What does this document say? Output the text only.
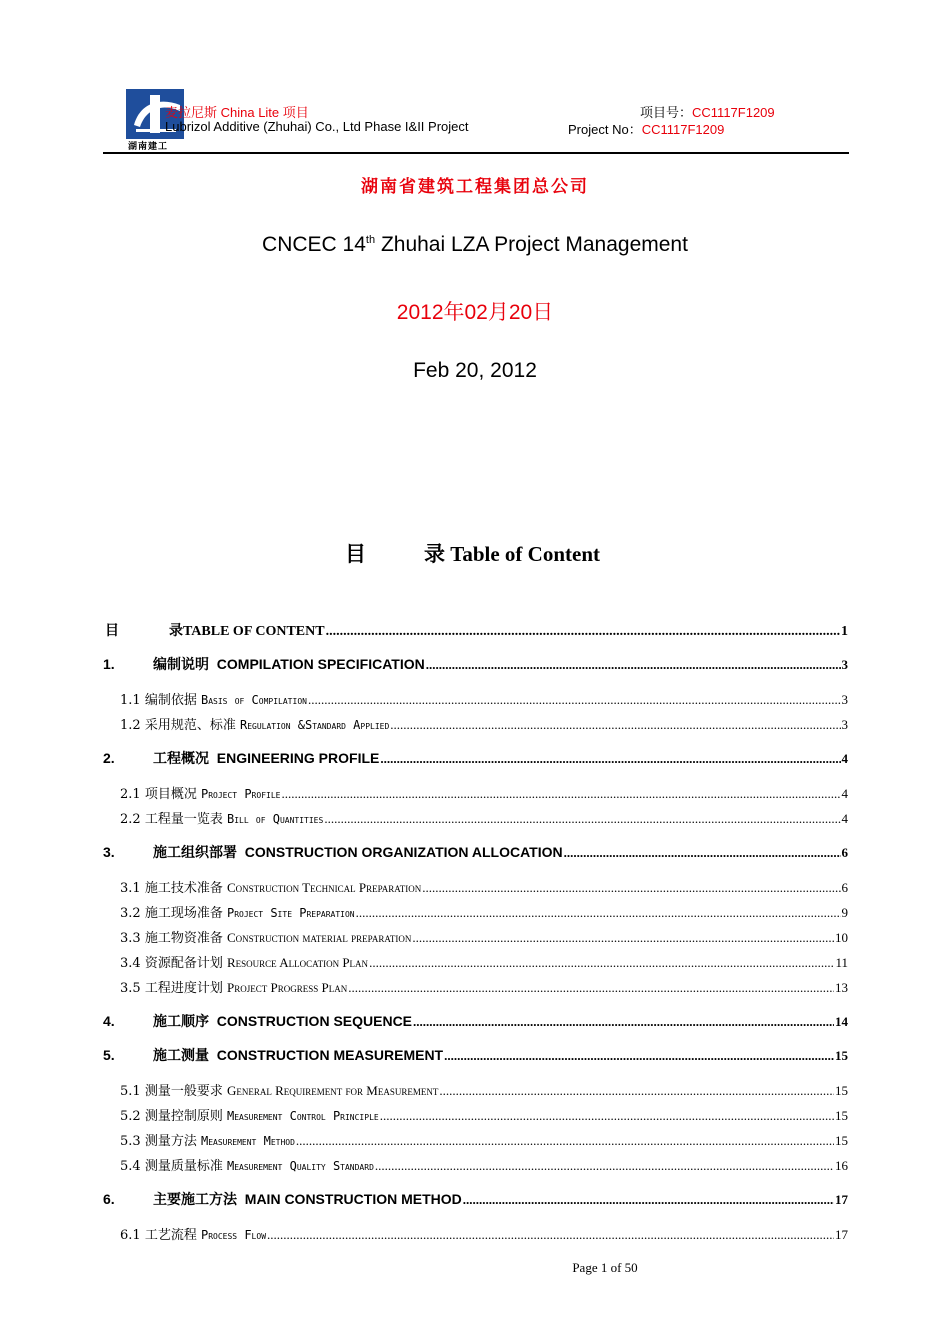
湖南建工
麦拉尼斯 China Lite 项目	项目号：CC1117F1209
Lubrizol Additive (Zhuhai) Co., Ltd Phase I&II Project	Project No：CC1117F1209
湖南省建筑工程集团总公司
CNCEC 14th Zhuhai LZA Project Management
2012年02月20日
Feb 20, 2012
目	录 Table of Content
目	录TABLE OF CONTENT .....	1
1.	编制说明 COMPILATION SPECIFICATION .....	3
1.1 编制依据 Basis of Compilation .....	3
1.2 采用规范、标准 Regulation &Standard Applied .....	3
2.	工程概况 ENGINEERING PROFILE .....	4
2.1 项目概况 Project Profile .....	4
2.2 工程量一览表 Bill of Quantities .....	4
3.	施工组织部署 CONSTRUCTION ORGANIZATION ALLOCATION .....	6
3.1 施工技术准备 Construction Technical Preparation .....	6
3.2 施工现场准备 Project Site Preparation .....	9
3.3 施工物资准备 Construction material preparation .....	10
3.4 资源配备计划 Resource Allocation Plan .....	11
3.5 工程进度计划 Project Progress Plan .....	13
4.	施工顺序 CONSTRUCTION SEQUENCE .....	14
5.	施工测量 CONSTRUCTION MEASUREMENT .....	15
5.1 测量一般要求 General Requirement for Measurement .....	15
5.2 测量控制原则 Measurement Control Principle .....	15
5.3 测量方法 Measurement Method .....	15
5.4 测量质量标准 Measurement Quality Standard .....	16
6.	主要施工方法 MAIN CONSTRUCTION METHOD .....	17
6.1 工艺流程 Process Flow .....	17
Page 1 of 50
